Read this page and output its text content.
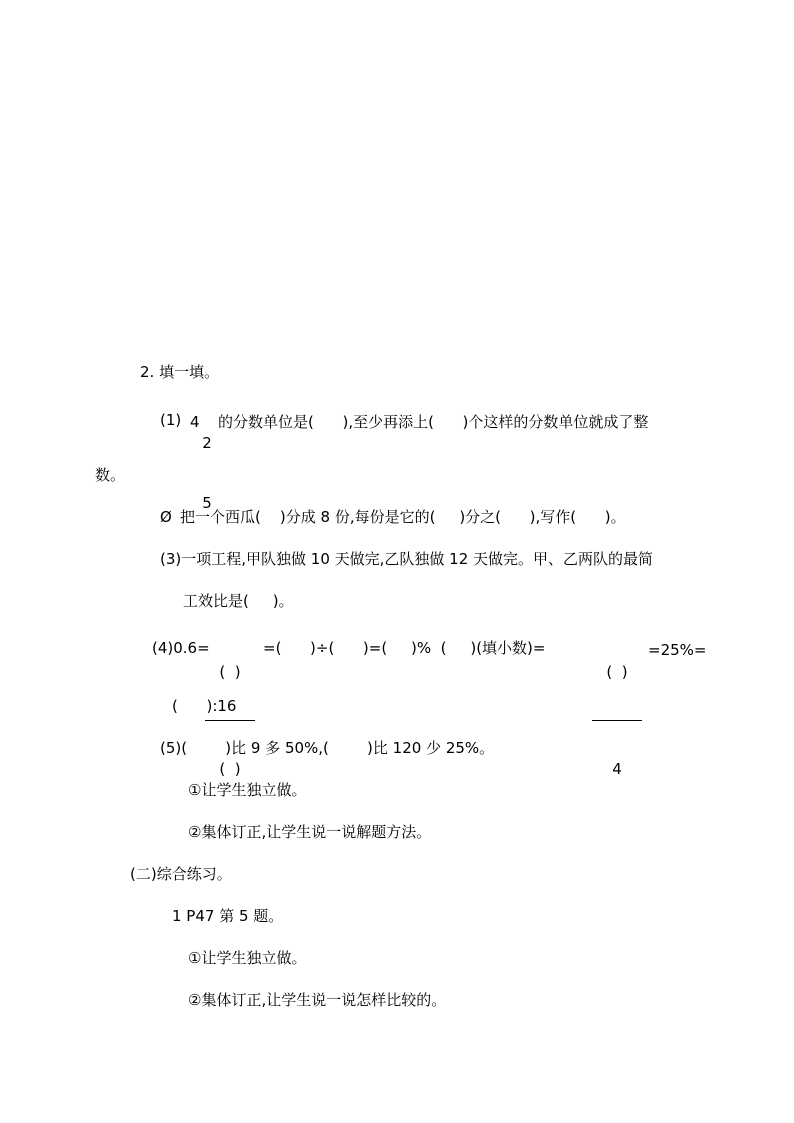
2. 填一填。
(1) 4

2

5

的分数单位是(      ),至少再添上(      )个这样的分数单位就成了整
数。
Ø 把一个西瓜(    )分成 8 份,每份是它的(     )分之(      ),写作(      )。
(3)一项工程,甲队独做 10 天做完,乙队独做 12 天做完。甲、乙两队的最简
工效比是(     )。
(4)0.6=

(  )

(  )

=(      )÷(      )=(     )%  (     )(填小数)=

(  )

4

=25%=
(      ):16
(5)(        )比 9 多 50%,(        )比 120 少 25%。
①让学生独立做。
②集体订正,让学生说一说解题方法。
(二)综合练习。
1 P47 第 5 题。
①让学生独立做。
②集体订正,让学生说一说怎样比较的。
